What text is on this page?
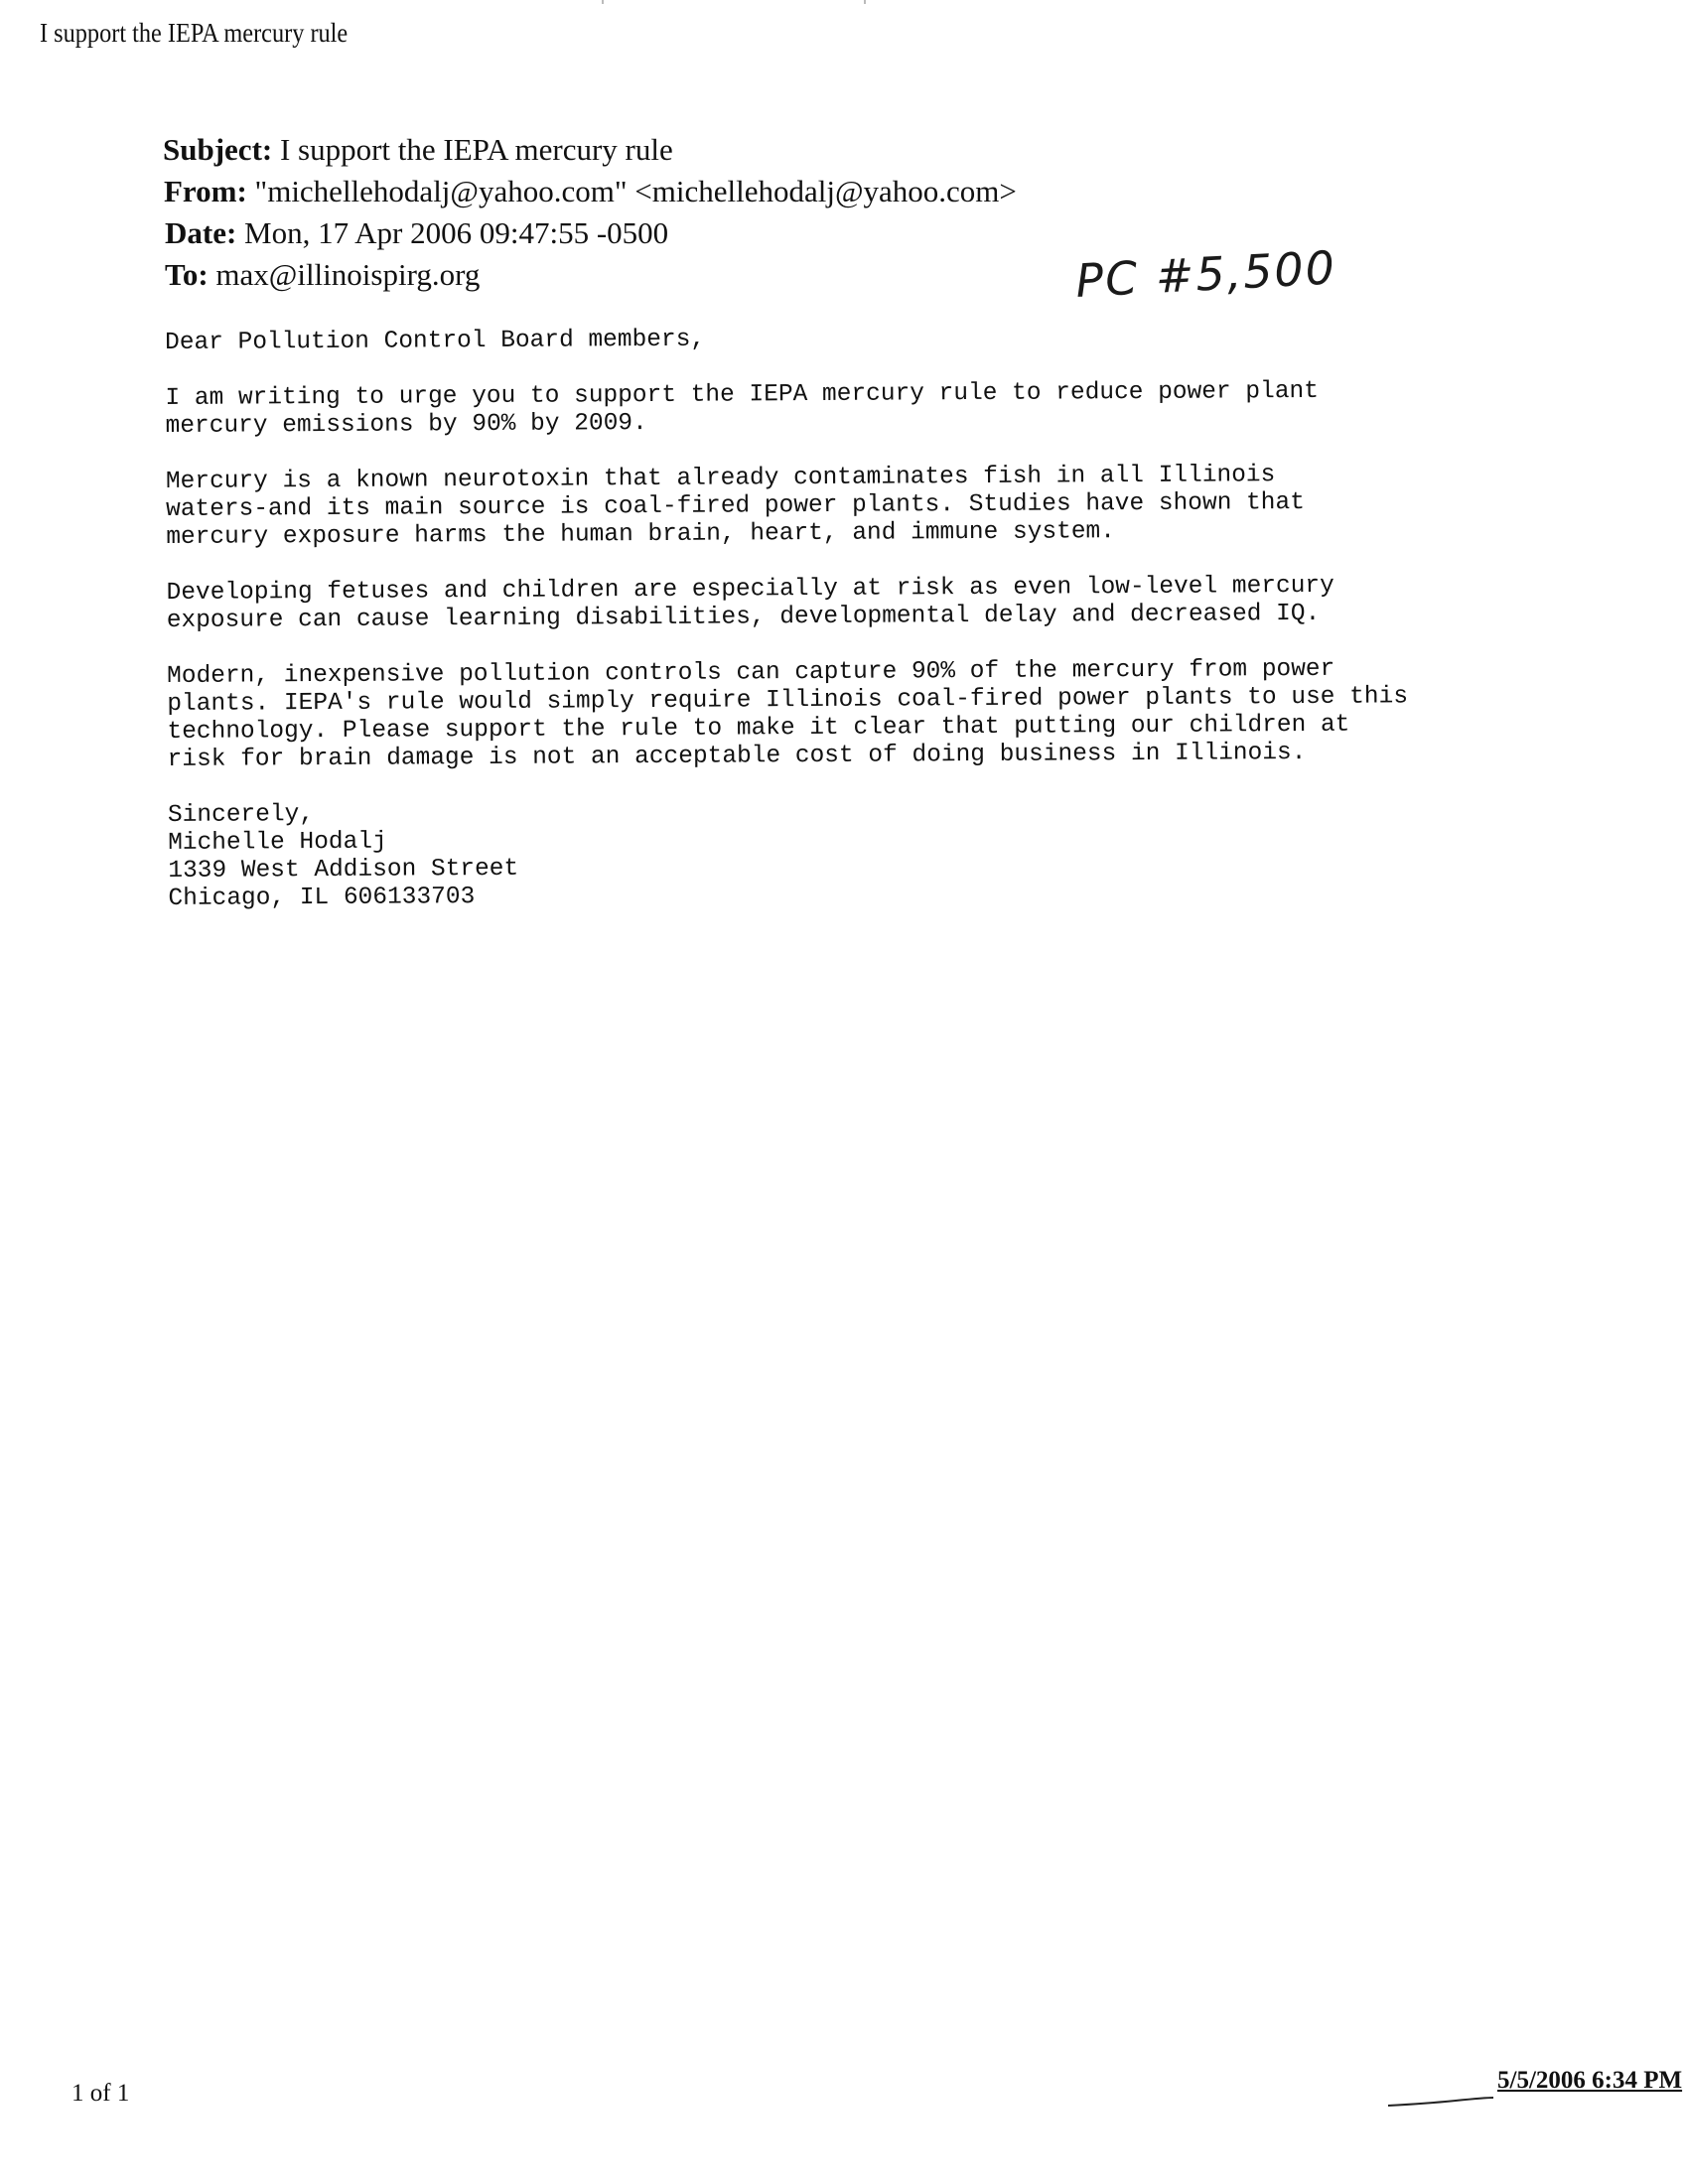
I support the IEPA mercury rule
Subject: I support the IEPA mercury rule
From: "michellehodalj@yahoo.com" <michellehodalj@yahoo.com>
Date: Mon, 17 Apr 2006 09:47:55 -0500
To: max@illinoispirg.org	PC #5,500

Dear Pollution Control Board members,

I am writing to urge you to support the IEPA mercury rule to reduce power plant
mercury emissions by 90% by 2009.

Mercury is a known neurotoxin that already contaminates fish in all Illinois
waters-and its main source is coal-fired power plants. Studies have shown that
mercury exposure harms the human brain, heart, and immune system.

Developing fetuses and children are especially at risk as even low-level mercury
exposure can cause learning disabilities, developmental delay and decreased IQ.

Modern, inexpensive pollution controls can capture 90% of the mercury from power
plants. IEPA's rule would simply require Illinois coal-fired power plants to use this
technology. Please support the rule to make it clear that putting our children at
risk for brain damage is not an acceptable cost of doing business in Illinois.

Sincerely,

Michelle Hodalj

1339 West Addison Street

Chicago, IL 606133703

1 of 1	5/5/2006 6:34 PM
